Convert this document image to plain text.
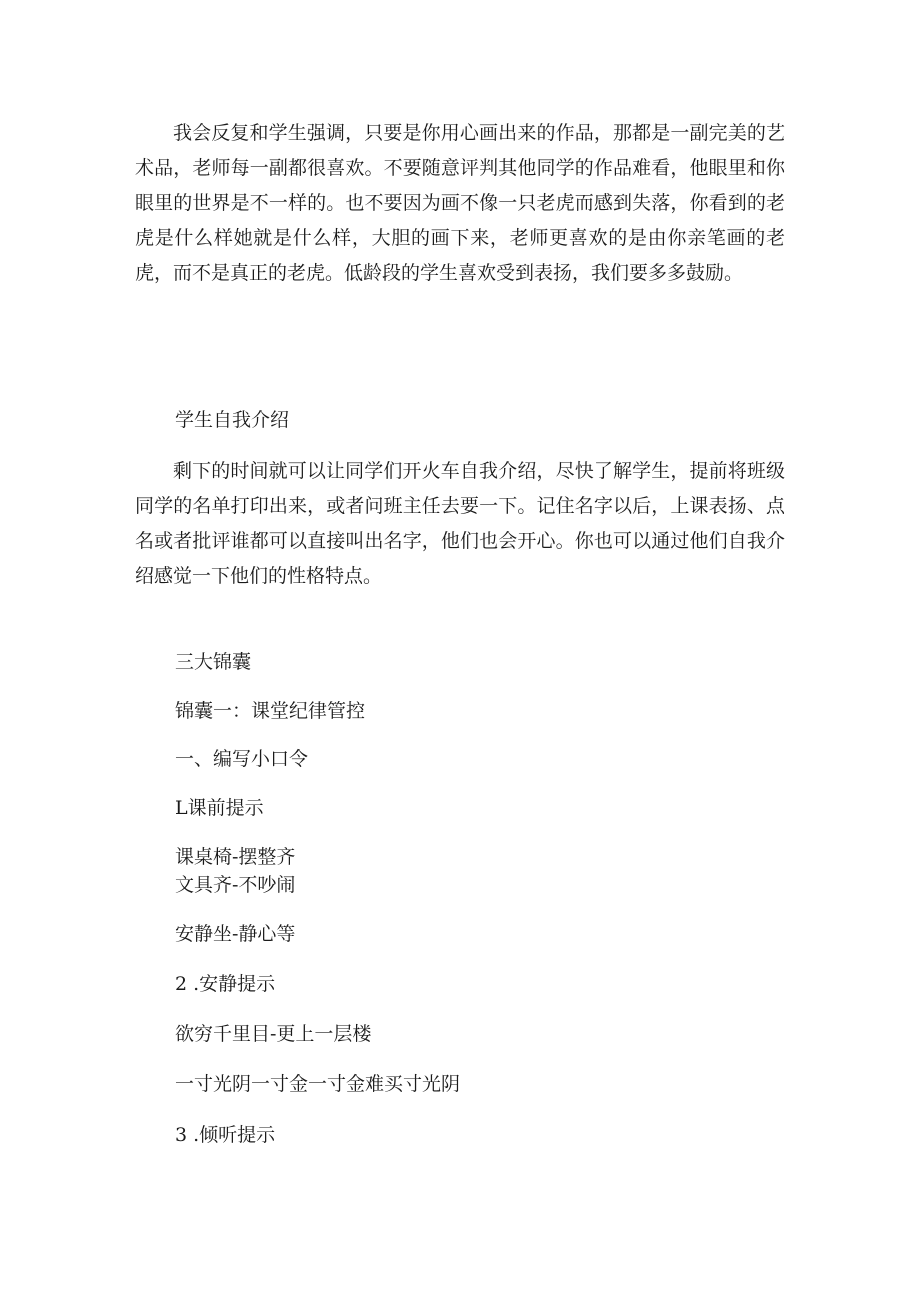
我会反复和学生强调，只要是你用心画出来的作品，那都是一副完美的艺术品，老师每一副都很喜欢。不要随意评判其他同学的作品难看，他眼里和你眼里的世界是不一样的。也不要因为画不像一只老虎而感到失落，你看到的老虎是什么样她就是什么样，大胆的画下来，老师更喜欢的是由你亲笔画的老虎，而不是真正的老虎。低龄段的学生喜欢受到表扬，我们要多多鼓励。

学生自我介绍

剩下的时间就可以让同学们开火车自我介绍，尽快了解学生，提前将班级同学的名单打印出来，或者问班主任去要一下。记住名字以后，上课表扬、点名或者批评谁都可以直接叫出名字，他们也会开心。你也可以通过他们自我介绍感觉一下他们的性格特点。

三大锦囊

锦囊一：课堂纪律管控

一、编写小口令

L课前提示

课桌椅-摆整齐

文具齐-不吵闹

安静坐-静心等

2 .安静提示

欲穷千里目-更上一层楼

一寸光阴一寸金一寸金难买寸光阴

3 .倾听提示
